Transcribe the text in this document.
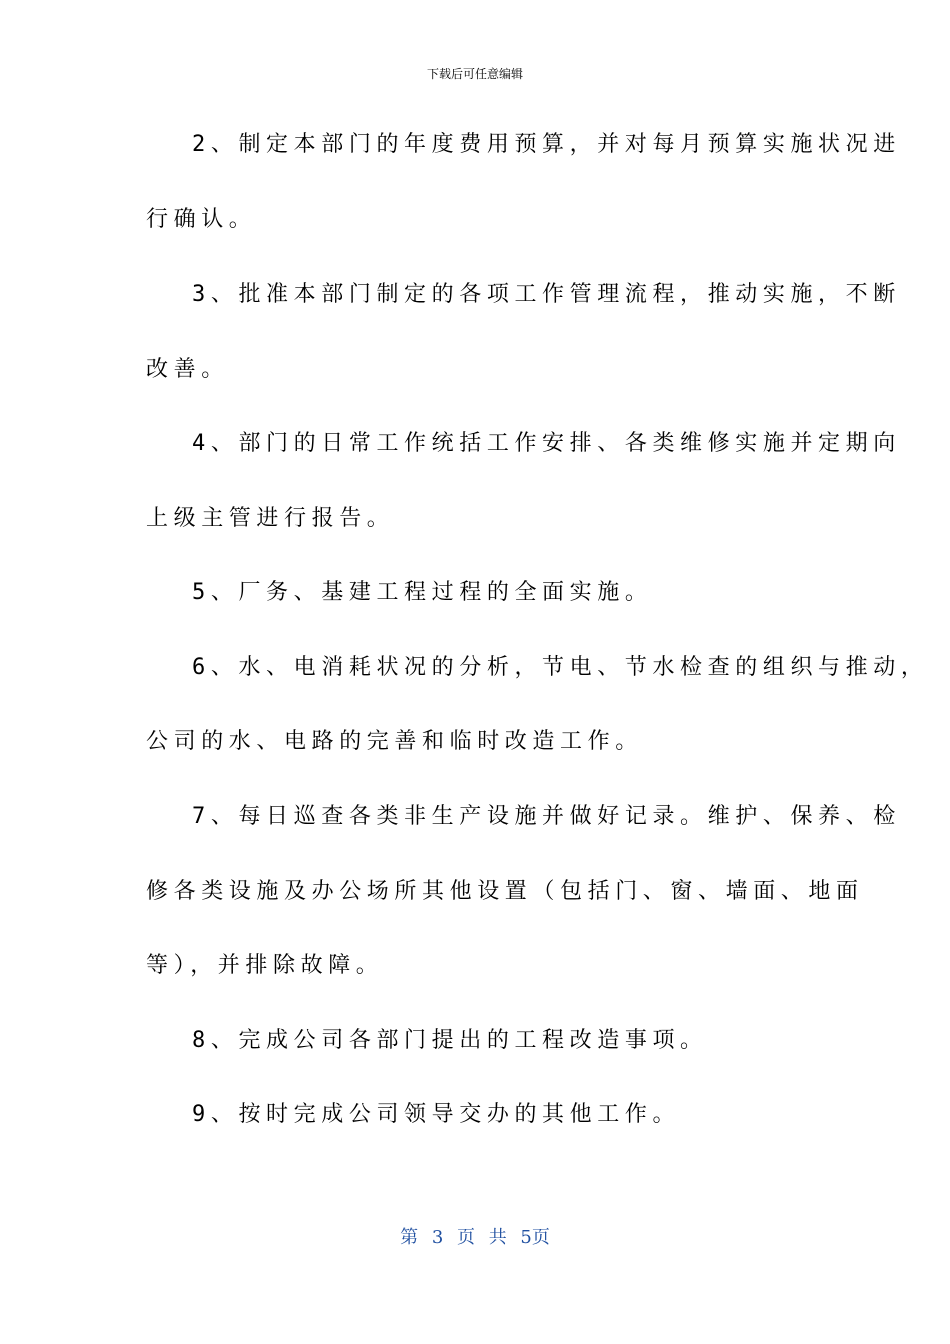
下载后可任意编辑
2、制定本部门的年度费用预算，并对每月预算实施状况进
行确认。
3、批准本部门制定的各项工作管理流程，推动实施，不断
改善。
4、部门的日常工作统括工作安排、各类维修实施并定期向
上级主管进行报告。
5、厂务、基建工程过程的全面实施。
6、水、电消耗状况的分析，节电、节水检查的组织与推动，
公司的水、电路的完善和临时改造工作。
7、每日巡查各类非生产设施并做好记录。维护、保养、检
修各类设施及办公场所其他设置（包括门、窗、墙面、地面
等），并排除故障。
8、完成公司各部门提出的工程改造事项。
9、按时完成公司领导交办的其他工作。
第 3 页 共 5页
